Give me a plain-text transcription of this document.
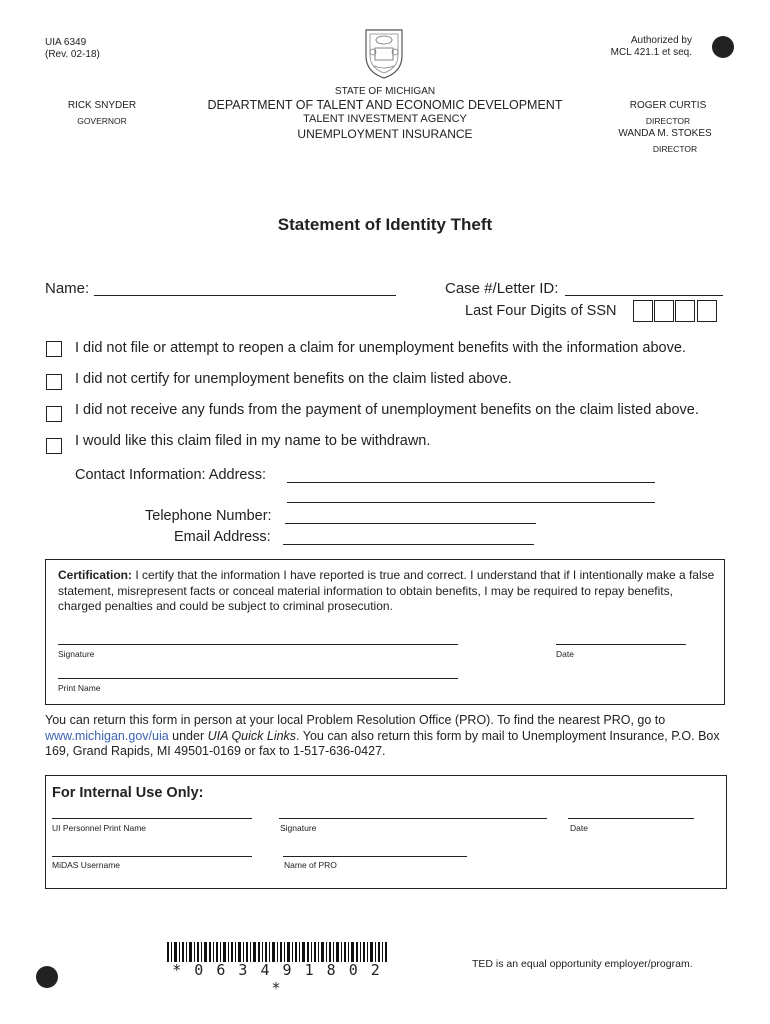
UIA 6349
(Rev. 02-18)
Authorized by
MCL 421.1 et seq.
STATE OF MICHIGAN
DEPARTMENT OF TALENT AND ECONOMIC DEVELOPMENT
TALENT INVESTMENT AGENCY
UNEMPLOYMENT INSURANCE
RICK SNYDER
GOVERNOR
ROGER CURTIS
DIRECTOR
WANDA M. STOKES
DIRECTOR
Statement of Identity Theft
Name:	Case #/Letter ID:
Last Four Digits of SSN
I did not file or attempt to reopen a claim for unemployment benefits with the information above.
I did not certify for unemployment benefits on the claim listed above.
I did not receive any funds from the payment of unemployment benefits on the claim listed above.
I would like this claim filed in my name to be withdrawn.
Contact Information: Address:
Telephone Number:
Email Address:
Certification: I certify that the information I have reported is true and correct. I understand that if I intentionally make a false statement, misrepresent facts or conceal material information to obtain benefits, I may be required to repay benefits, charged penalties and could be subject to criminal prosecution.
Signature	Date
Print Name
You can return this form in person at your local Problem Resolution Office (PRO). To find the nearest PRO, go to www.michigan.gov/uia under UIA Quick Links. You can also return this form by mail to Unemployment Insurance, P.O. Box 169, Grand Rapids, MI 49501-0169 or fax to 1-517-636-0427.
For Internal Use Only:
UI Personnel Print Name	Signature	Date
MiDAS Username	Name of PRO
* 0 6 3 4 9 1 8 0 2 *
TED is an equal opportunity employer/program.
